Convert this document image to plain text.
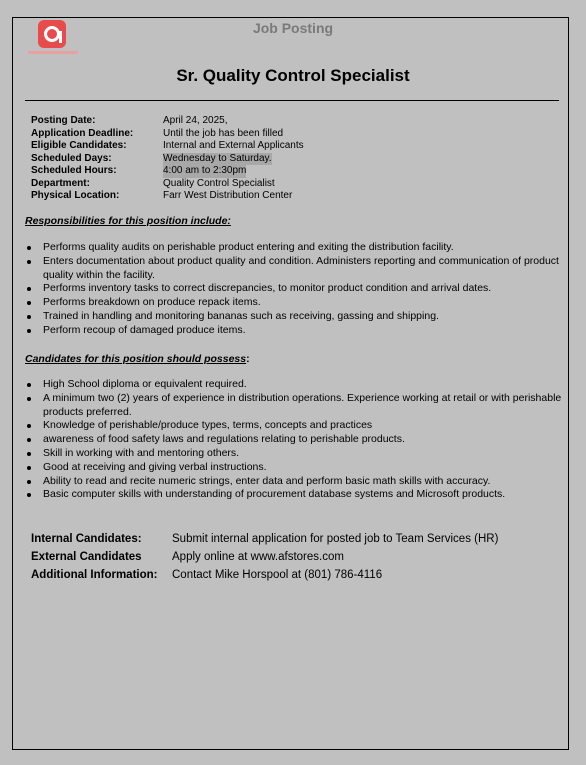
Job Posting
Sr. Quality Control Specialist
Posting Date:	April 24, 2025,
Application Deadline:	Until the job has been filled
Eligible Candidates:	Internal and External Applicants
Scheduled Days:	Wednesday to Saturday.
Scheduled Hours:	4:00 am to 2:30pm
Department:	Quality Control Specialist
Physical Location:	Farr West Distribution Center
Responsibilities for this position include:
Performs quality audits on perishable product entering and exiting the distribution facility.
Enters documentation about product quality and condition. Administers reporting and communication of product quality within the facility.
Performs inventory tasks to correct discrepancies, to monitor product condition and arrival dates.
Performs breakdown on produce repack items.
Trained in handling and monitoring bananas such as receiving, gassing and shipping.
Perform recoup of damaged produce items.
Candidates for this position should possess:
High School diploma or equivalent required.
A minimum two (2) years of experience in distribution operations. Experience working at retail or with perishable products preferred.
Knowledge of perishable/produce types, terms, concepts and practices
awareness of food safety laws and regulations relating to perishable products.
Skill in working with and mentoring others.
Good at receiving and giving verbal instructions.
Ability to read and recite numeric strings, enter data and perform basic math skills with accuracy.
Basic computer skills with understanding of procurement database systems and Microsoft products.
Internal Candidates:	Submit internal application for posted job to Team Services (HR)
External Candidates	Apply online at www.afstores.com
Additional Information:	Contact Mike Horspool at (801) 786-4116
